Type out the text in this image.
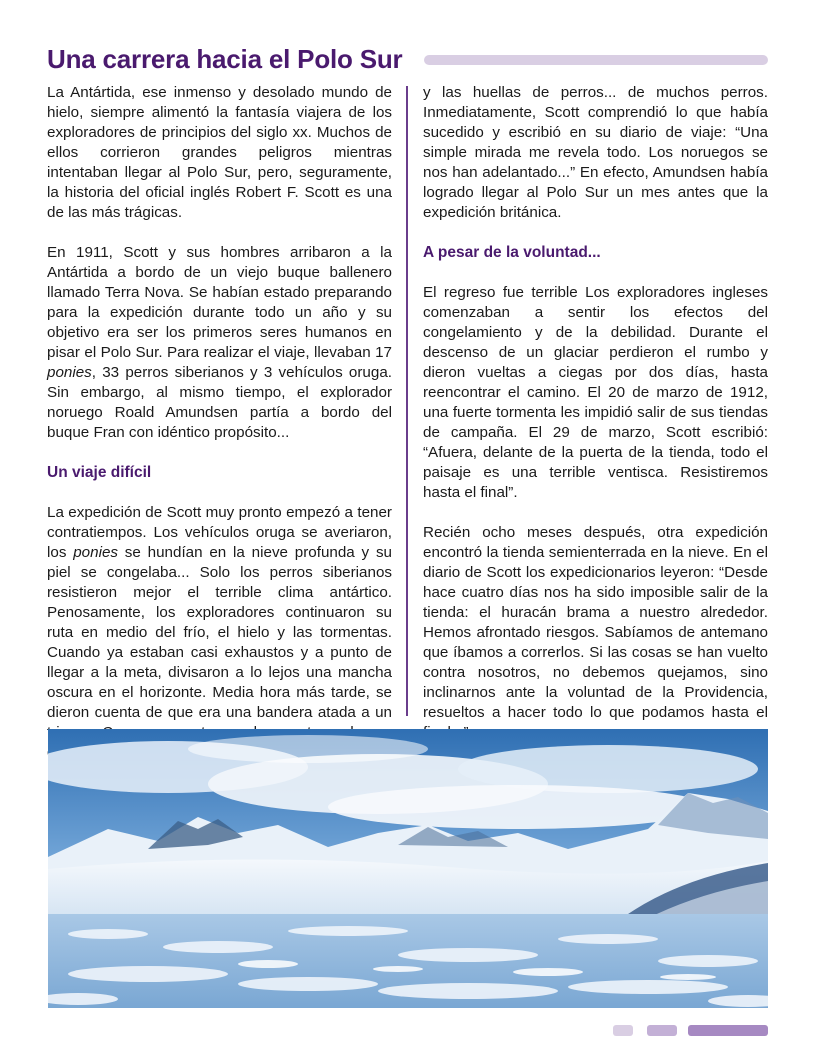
Una carrera hacia el Polo Sur

La Antártida, ese inmenso y desolado mundo de hielo, siempre alimentó la fantasía viajera de los exploradores de principios del siglo xx. Muchos de ellos corrieron grandes peligros mientras intentaban llegar al Polo Sur, pero, seguramente, la historia del oficial inglés Robert F. Scott es una de las más trágicas.

En 1911, Scott y sus hombres arribaron a la Antártida a bordo de un viejo buque ballenero llamado Terra Nova. Se habían estado preparando para la expedición durante todo un año y su objetivo era ser los primeros seres humanos en pisar el Polo Sur. Para realizar el viaje, llevaban 17 ponies, 33 perros siberianos y 3 vehículos oruga. Sin embargo, al mismo tiempo, el explorador noruego Roald Amundsen partía a bordo del buque Fran con idéntico propósito...

Un viaje difícil

La expedición de Scott muy pronto empezó a tener contratiempos. Los vehículos oruga se averiaron, los ponies se hundían en la nieve profunda y su piel se congelaba... Solo los perros siberianos resistieron mejor el terrible clima antártico. Penosamente, los exploradores continuaron su ruta en medio del frío, el hielo y las tormentas. Cuando ya estaban casi exhaustos y a punto de llegar a la meta, divisaron a lo lejos una mancha oscura en el horizonte. Media hora más tarde, se dieron cuenta de que era una bandera atada a un

y las huellas de perros... de muchos perros. Inmediatamente, Scott comprendió lo que había sucedido y escribió en su diario de viaje: “Una simple mirada me revela todo. Los noruegos se nos han adelantado...” En efecto, Amundsen había logrado llegar al Polo Sur un mes antes que la expedición británica.

A pesar de la voluntad...

El regreso fue terrible Los exploradores ingleses comenzaban a sentir los efectos del congelamiento y de la debilidad. Durante el descenso de un glaciar perdieron el rumbo y dieron vueltas a ciegas por dos días, hasta reencontrar el camino. El 20 de marzo de 1912, una fuerte tormenta les impidió salir de sus tiendas de campaña. El 29 de marzo, Scott escribió: “Afuera, delante de la puerta de la tienda, todo el paisaje es una terrible ventisca. Resistiremos hasta el final”.

Recién ocho meses después, otra expedición encontró la tienda semienterrada en la nieve. En el diario de Scott los expedicionarios leyeron: “Desde hace cuatro días nos ha sido imposible salir de la tienda: el huracán brama a nuestro alrededor. Hemos afrontado riesgos. Sabíamos de antemano que íbamos a correrlos. Si las cosas se han vuelto contra nosotros, no debemos quejamos, sino inclinarnos ante la voluntad de la Providencia, resueltos a hacer todo lo que podamos hasta el
